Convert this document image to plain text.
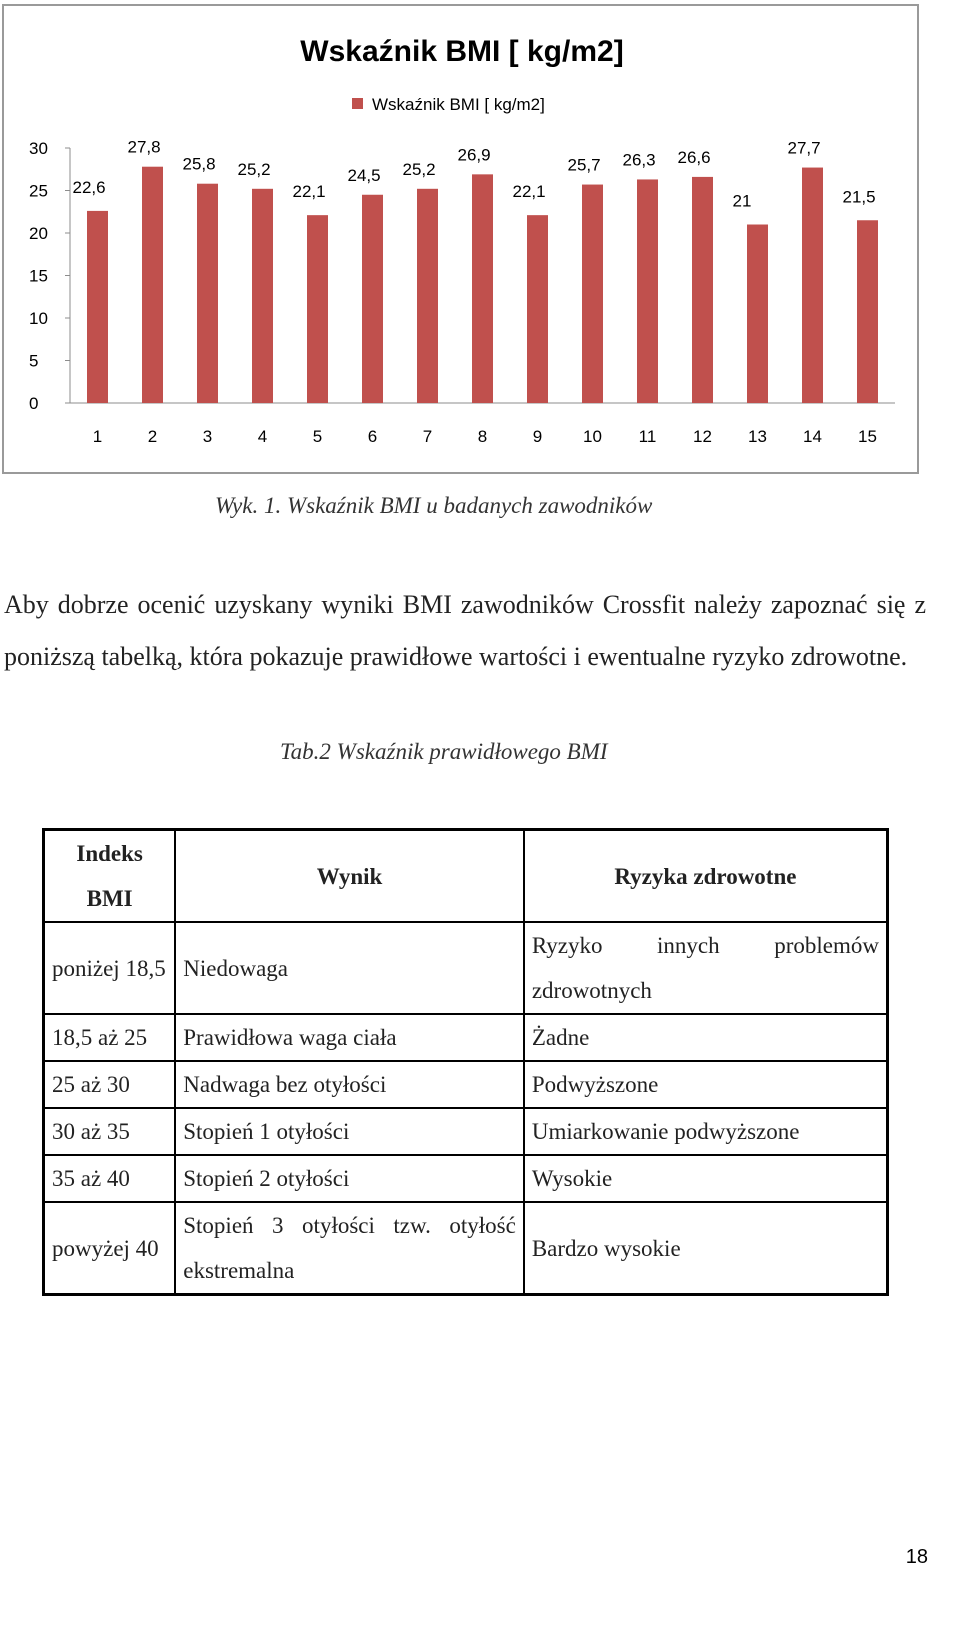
Wskaźnik BMI [ kg/m2]
Wskaźnik BMI [ kg/m2]
0
5
10
15
20
25
30
1	2	3	4	5	6	7	8	9 10 11 12 13 14 15
22,6
27,8
25,8 25,2
22,1
24,5 25,2
26,9
22,1
25,7 26,3 26,6
21
27,7
21,5
Wyk. 1. Wskaźnik BMI u badanych zawodników

Aby dobrze ocenić uzyskany wyniki BMI zawodników Crossfit należy zapoznać się z poniższą tabelką, która pokazuje prawidłowe wartości i ewentualne ryzyko zdrowotne.

Tab.2 Wskaźnik prawidłowego BMI
Indeks
BMI	Wynik	Ryzyka zdrowotne
poniżej 18,5	Niedowaga	Ryzyko innych problemów zdrowotnych
18,5 aż 25	Prawidłowa waga ciała	Żadne
25 aż 30	Nadwaga bez otyłości	Podwyższone
30 aż 35	Stopień 1 otyłości	Umiarkowanie podwyższone
35 aż 40	Stopień 2 otyłości	Wysokie
powyżej 40	Stopień 3 otyłości tzw. otyłość ekstremalna	Bardzo wysokie
18
